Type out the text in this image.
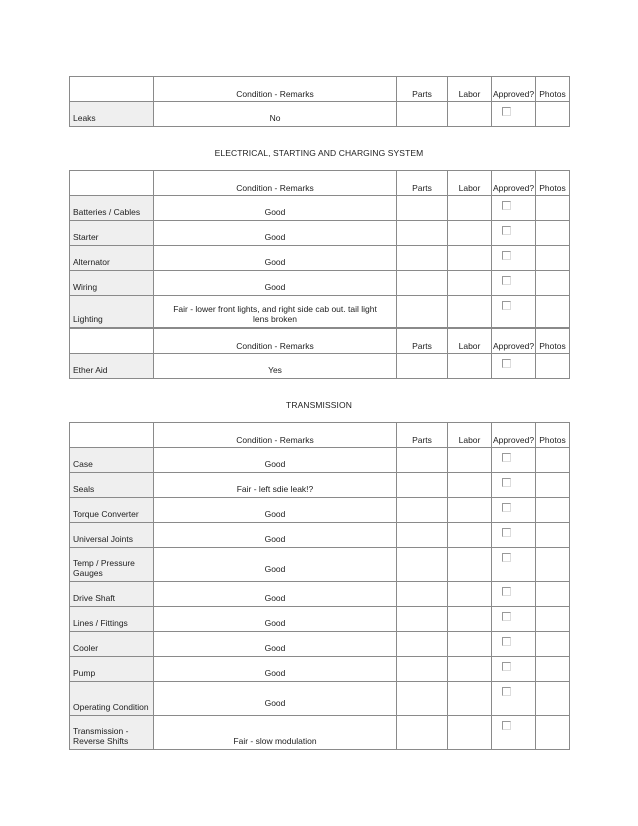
	Condition - Remarks	Parts	Labor	Approved?	Photos
Leaks	No				
ELECTRICAL, STARTING AND CHARGING SYSTEM
	Condition - Remarks	Parts	Labor	Approved?	Photos
Batteries / Cables	Good				
Starter	Good				
Alternator	Good				
Wiring	Good				
Lighting	Fair - lower front lights, and right side cab out. tail light lens broken				
	Condition - Remarks	Parts	Labor	Approved?	Photos
Ether Aid	Yes				
TRANSMISSION
	Condition - Remarks	Parts	Labor	Approved?	Photos
Case	Good				
Seals	Fair - left sdie leak!?				
Torque Converter	Good				
Universal Joints	Good				
Temp / Pressure Gauges	Good				
Drive Shaft	Good				
Lines / Fittings	Good				
Cooler	Good				
Pump	Good				
Operating Condition	Good				
Transmission - Reverse Shifts	Fair - slow modulation				
